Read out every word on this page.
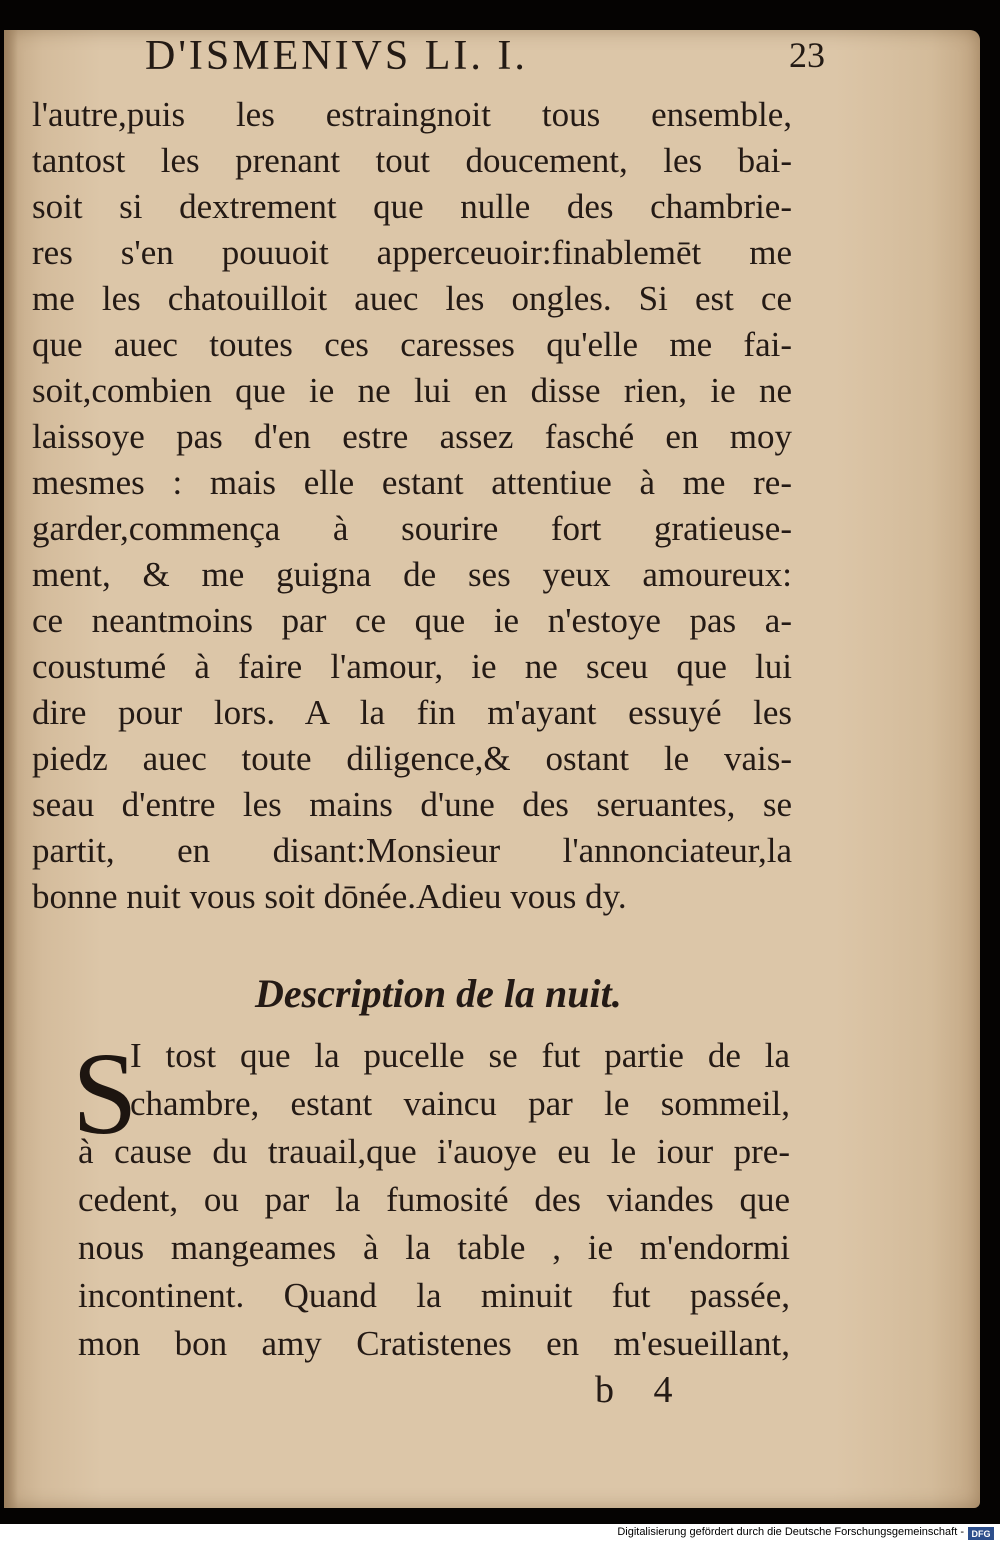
D'ISMENIVS LI. I.	23
l'autre,puis les estraingnoit tous ensemble,
tantost les prenant tout doucement, les bai-
soit si dextrement que nulle des chambrie-
res s'en pouuoit apperceuoir:finablemēt me
me les chatouilloit auec les ongles. Si est ce
que auec toutes ces caresses qu'elle me fai-
soit,combien que ie ne lui en disse rien, ie ne
laissoye pas d'en estre assez fasché en moy
mesmes : mais elle estant attentiue à me re-
garder,commença à sourire fort gratieuse-
ment, & me guigna de ses yeux amoureux:
ce neantmoins par ce que ie n'estoye pas a-
coustumé à faire l'amour, ie ne sceu que lui
dire pour lors. A la fin m'ayant essuyé les
piedz auec toute diligence,& ostant le vais-
seau d'entre les mains d'une des seruantes, se
partit, en disant:Monsieur l'annonciateur,la
bonne nuit vous soit dōnée.Adieu vous dy.
Description de la nuit.
S
I tost que la pucelle se fut partie de la
chambre, estant vaincu par le sommeil,
à cause du trauail,que i'auoye eu le iour pre-
cedent, ou par la fumosité des viandes que
nous mangeames à la table , ie m'endormi
incontinent. Quand la minuit fut passée,
mon bon amy Cratistenes en m'esueillant,
b 4
Digitalisierung gefördert durch die Deutsche Forschungsgemeinschaft - DFG
